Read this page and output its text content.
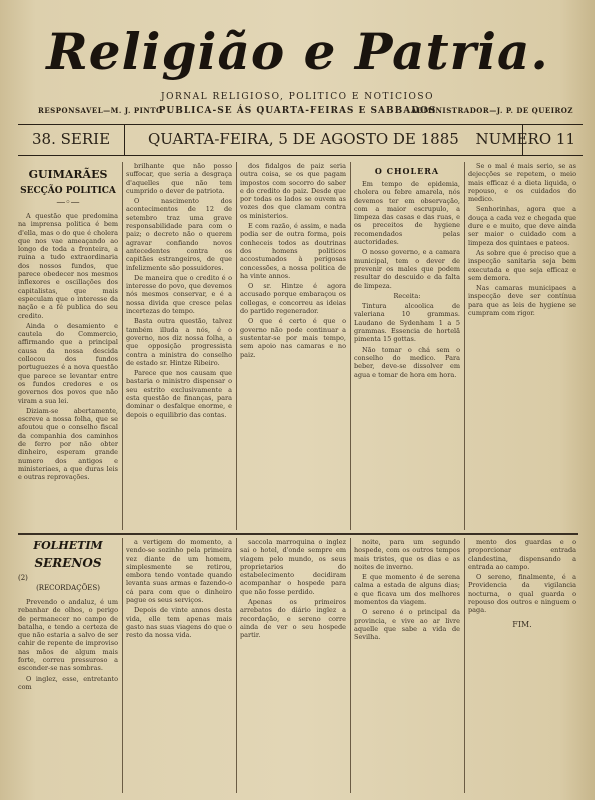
Religião e Patria.
JORNAL RELIGIOSO, POLITICO E NOTICIOSO
RESPONSAVEL—M. J. PINTO
PUBLICA-SE ÁS QUARTA-FEIRAS E SABBADOS
ADMINISTRADOR—J. P. DE QUEIROZ
38. SERIE	QUARTA-FEIRA, 5 DE AGOSTO DE 1885 NUMERO 11
GUIMARÃES
SECÇÃO POLITICA
—◦—

A questão que predomina na imprensa politica é bem d'ella, mas o do que é cholera que nos vae ameaçando ao longo de toda a fronteira, a ruina a tudo extraordinaria dos nossos fundos, que parece obedecer nos mesmos inflexores e oscillações dos capitalistas, que mais especulam que o interesse da nação e a fé publica do seu credito.

Ainda o desamiento e cautela do Commercio, affirmando que a principal causa da nossa descida collocou dos fundos portuguezes é a nova questão que parece se levantar entre os fundos credores e os governos dos povos que não viram a sua lei.

Diziam-se abertamente, escreve a nossa folha, que se afoutou que o conselho fiscal da companhia dos caminhos de ferro por não obter dinheiro, esperam grande numero dos antigos e ministeriaes, a que duras leis e outras reprovações.

brilhante que não posso suffocar, que seria a desgraça d'aquelles que não tem cumprido o dever de patriota.

O nascimento dos acontecimentos de 12 de setembro traz uma grave responsabilidade para com o paiz; o decreto não o querem agravar confiando novos antecedentes contra os capitães estrangeiros, de que infelizmente são possuidores.

De maneira que o credito é o interesse do povo, que devemos nós mesmos conservar, e é a nossa divida que cresce pelas incertezas do tempo.

Basta outra questão, talvez também illuda a nós, é o governo, nos diz nossa folha, a que opposição progressista contra a ministra do conselho de estado sr. Hintze Ribeiro.

Parece que nos causam que bastaria o ministro dispensar o seu estrito exclusivamente a esta questão de finanças, para dominar o desfalque enorme, e depois o equilibrio das contas.

dos fidalgos de paiz seria outra coisa, se os que pagam impostos com socorro do saber e do credito do paiz. Desde que por todas os lados se ouvem as vozes dos que clamam contra os ministerios.

E com razão, é assim, e nada podia ser de outra forma, pois conheceis todos as doutrinas dos homens politicos accostumados à perigosas concessões, a nossa politica de ha vinte annos.

O sr. Hintze é agora accusado porque embaraçou os collegas, e concorreu as ideias do partido regenerador.

O que é certo é que o governo não pode continuar a sustentar-se por mais tempo, sem apoio nas camaras e no paiz.

O CHOLERA

Em tempo de epidemia, cholera ou febre amarela, nós devemos ter em observação, com a maior escrupulo, a limpeza das casas e das ruas, e os preceitos de hygiene recomendados pelas auctoridades.

O nosso governo, e a camara municipal, tem o dever de prevenir os males que podem resultar do descuido e da falta de limpeza.

Receita:

Tintura alcoolica de valeriana 10 grammas. Laudano de Sydenham 1 a 5 grammas. Essencia de hortelã pimenta 15 gottas.

Não tomar o chá sem o conselho do medico. Para beber, deve-se dissolver em agua e tomar de hora em hora.

Se o mal é mais serio, se as dejecções se repetem, o meio mais efficaz é a dieta liquida, o repouso, e os cuidados do medico.

Senhorinhas, agora que a douça a cada vez e chegada que dure e e muito, que deve ainda ser maior o cuidado com a limpeza dos quintaes e pateos.

As sobre que é preciso que a inspecção sanitaria seja bem executada e que seja efficaz e sem demora.

Nas camaras municipaes a inspecção deve ser contínua para que as leis de hygiene se cumpram com rigor.

FOLHETIM
SERENOS
(2)
(RECORDAÇÕES)

Prevendo o andaluz, é um rebanhar de olhos, o perigo de permanecer no campo de batalha, e tendo a certeza de que não estaria a salvo de ser cahir de repente de improviso nas mãos de algum mais forte, correu pressuroso a esconder-se nas sombras.

O inglez, esse, entretanto com

a vertigem do momento, a vendo-se sozinho pela primeira vez diante de um homem, simplesmente se retirou, embora tendo vontade quando levanta suas armas e fazendo-o cá para com que o dinheiro pague os seus serviços.

Depois de vinte annos desta vida, elle tem apenas mais gasto nas suas viagens do que o resto da nossa vida.

saccola marroquina o inglez sai o hotel, d'onde sempre em viagem pelo mundo, os seus proprietarios do estabelecimento decidiram acompanhar o hospede para que não fosse perdido.

Apenas os primeiros arrebatos do diário inglez a recordação, e sereno corre ainda de ver o seu hospede partir.

noite, para um segundo hospede, com os outros tempos mais tristes, que os dias e as noites de inverno.

E que momento é de serena calma a estada de alguns dias; e que ficava um dos melhores momentos da viagem.

O sereno é o principal da provincia, e vive ao ar livre aquelle que sabe a vida de Sevilha.

mento dos guardas e o proporcionar entrada clandestina, dispensando a entrada ao campo.

O sereno, finalmente, é a Providencia da vigilancia nocturna, o qual guarda o repouso dos outros e ninguem o paga.

FIM.
